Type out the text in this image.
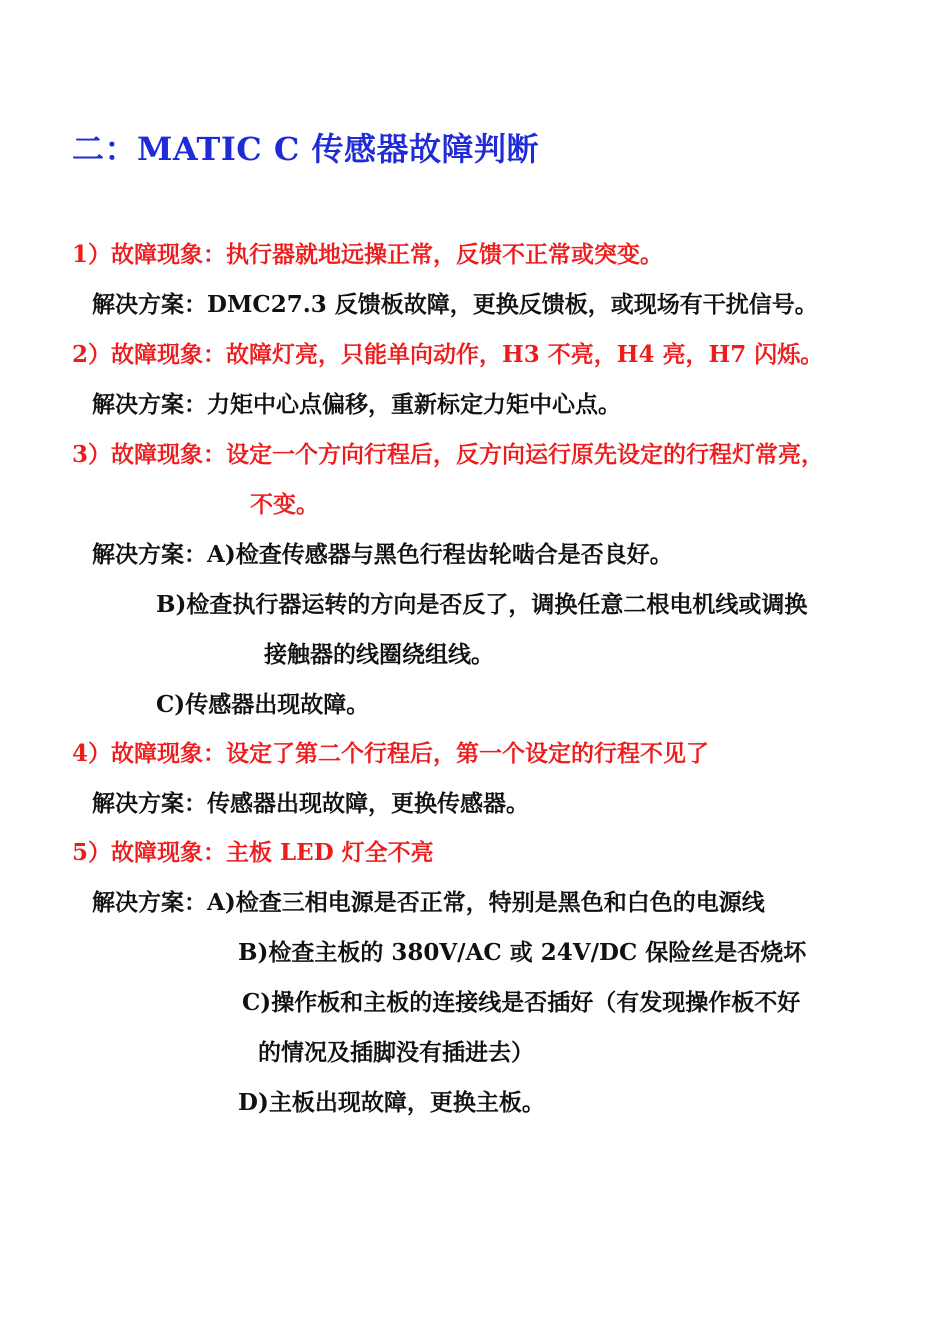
二：MATIC C 传感器故障判断
1）故障现象：执行器就地远操正常，反馈不正常或突变。
解决方案：DMC27.3 反馈板故障，更换反馈板，或现场有干扰信号。
2）故障现象：故障灯亮，只能单向动作，H3 不亮，H4 亮，H7 闪烁。
解决方案：力矩中心点偏移，重新标定力矩中心点。
3）故障现象：设定一个方向行程后，反方向运行原先设定的行程灯常亮，
不变。
解决方案：A)检查传感器与黑色行程齿轮啮合是否良好。
B)检查执行器运转的方向是否反了，调换任意二根电机线或调换
接触器的线圈绕组线。
C)传感器出现故障。
4）故障现象：设定了第二个行程后，第一个设定的行程不见了
解决方案：传感器出现故障，更换传感器。
5）故障现象：主板 LED 灯全不亮
解决方案：A)检查三相电源是否正常，特别是黑色和白色的电源线
B)检查主板的 380V/AC 或 24V/DC 保险丝是否烧坏
C)操作板和主板的连接线是否插好（有发现操作板不好
的情况及插脚没有插进去）
D)主板出现故障，更换主板。
